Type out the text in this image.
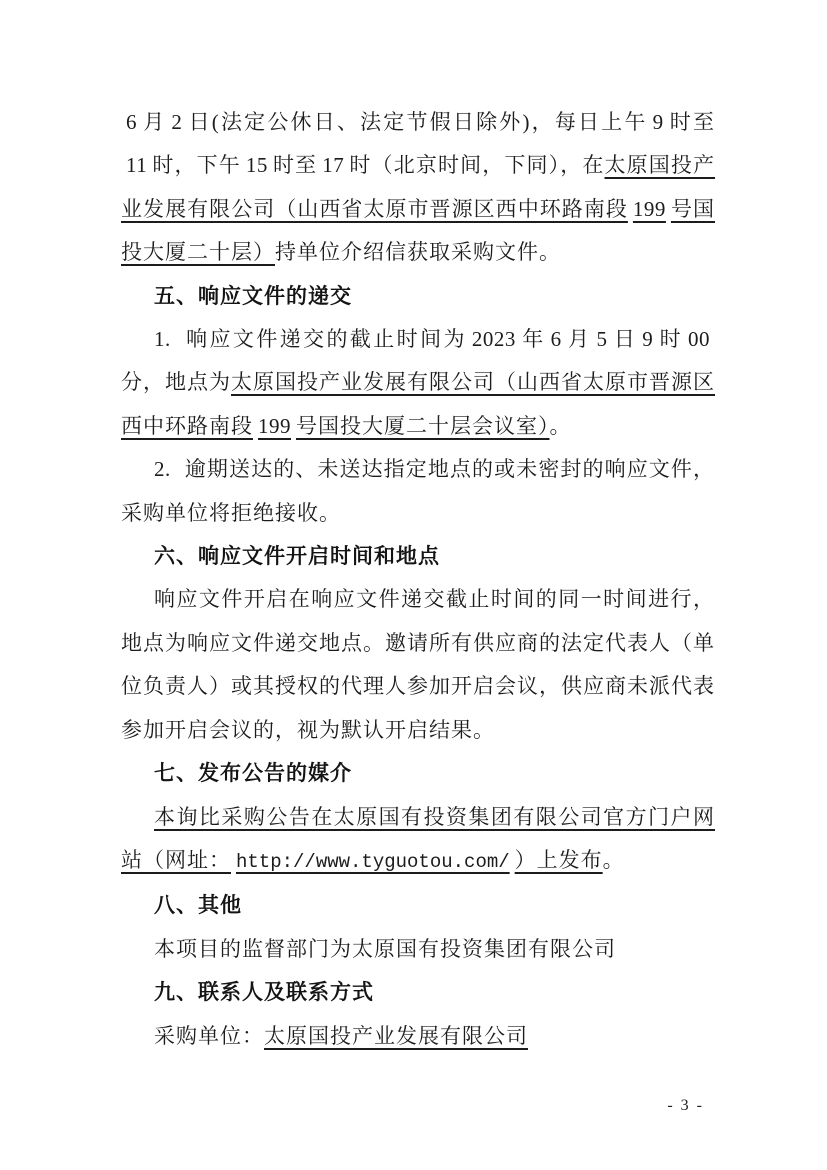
6 月 2 日(法定公休日、法定节假日除外)，每日上午 9 时至11 时，下午 15 时至 17 时（北京时间，下同），在太原国投产业发展有限公司（山西省太原市晋源区西中环路南段 199 号国投大厦二十层）持单位介绍信获取采购文件。

五、响应文件的递交

1. 响应文件递交的截止时间为 2023 年 6 月 5 日 9 时 00分，地点为太原国投产业发展有限公司（山西省太原市晋源区西中环路南段 199 号国投大厦二十层会议室）。

2. 逾期送达的、未送达指定地点的或未密封的响应文件，采购单位将拒绝接收。

六、响应文件开启时间和地点

响应文件开启在响应文件递交截止时间的同一时间进行，地点为响应文件递交地点。邀请所有供应商的法定代表人（单位负责人）或其授权的代理人参加开启会议，供应商未派代表参加开启会议的，视为默认开启结果。

七、发布公告的媒介

本询比采购公告在太原国有投资集团有限公司官方门户网站（网址： http://www.tyguotou.com/ ）上发布。

八、其他

本项目的监督部门为太原国有投资集团有限公司

九、联系人及联系方式

采购单位：太原国投产业发展有限公司

- 3 -
